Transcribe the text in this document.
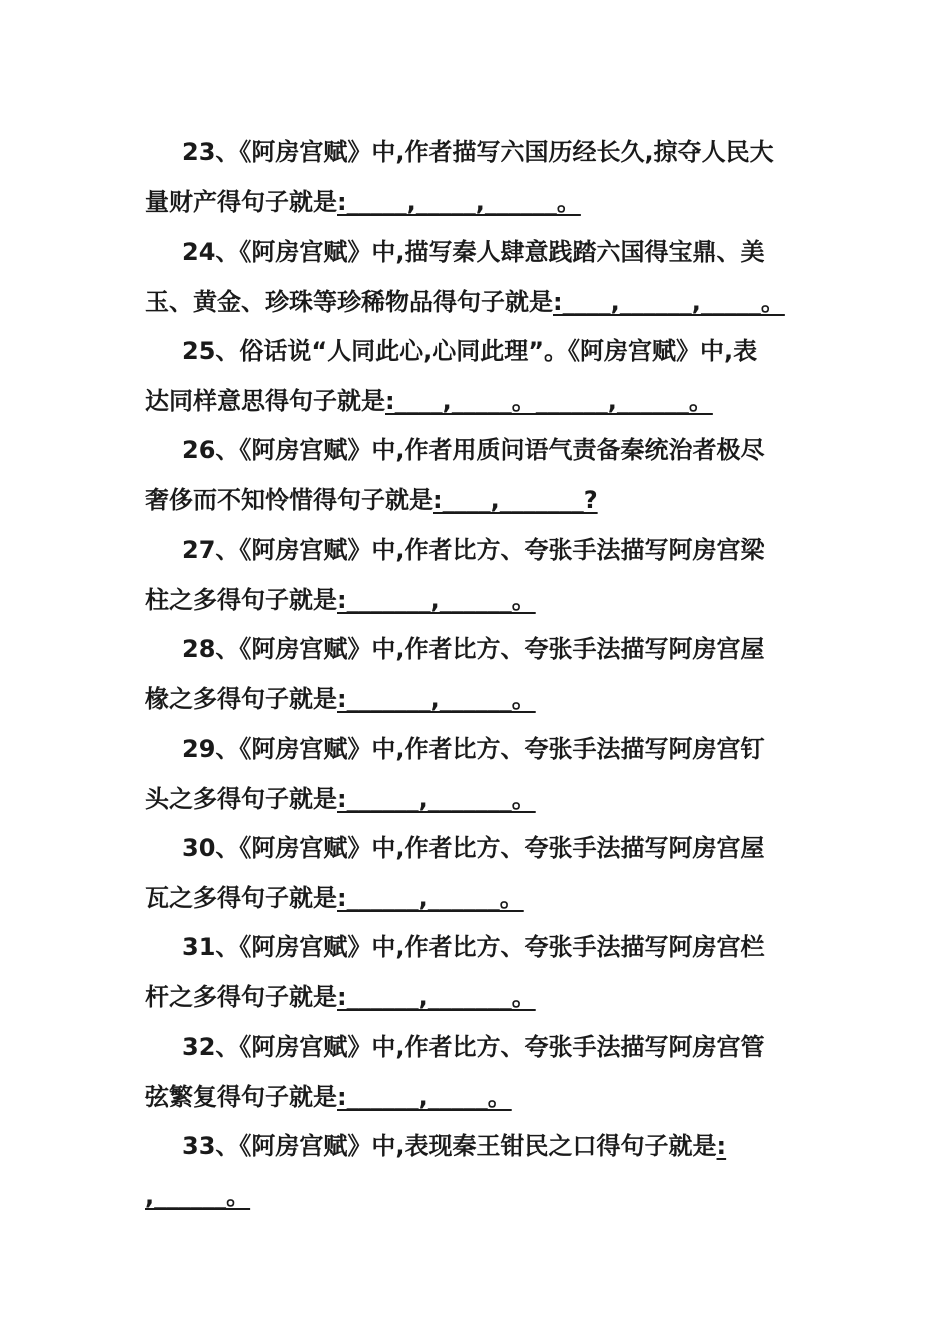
23、《阿房宫赋》中,作者描写六国历经长久,掠夺人民大
量财产得句子就是:_____,_____,______。
24、《阿房宫赋》中,描写秦人肆意践踏六国得宝鼎、美
玉、黄金、珍珠等珍稀物品得句子就是:____,______,_____。
25、俗话说“人同此心,心同此理”。《阿房宫赋》中,表
达同样意思得句子就是:____,_____。______,______。
26、《阿房宫赋》中,作者用质问语气责备秦统治者极尽
奢侈而不知怜惜得句子就是:____,_______?
27、《阿房宫赋》中,作者比方、夸张手法描写阿房宫梁
柱之多得句子就是:_______,______。
28、《阿房宫赋》中,作者比方、夸张手法描写阿房宫屋
椽之多得句子就是:_______,______。
29、《阿房宫赋》中,作者比方、夸张手法描写阿房宫钉
头之多得句子就是:______,_______。
30、《阿房宫赋》中,作者比方、夸张手法描写阿房宫屋
瓦之多得句子就是:______,______。
31、《阿房宫赋》中,作者比方、夸张手法描写阿房宫栏
杆之多得句子就是:______,_______。
32、《阿房宫赋》中,作者比方、夸张手法描写阿房宫管
弦繁复得句子就是:______,_____。
33、《阿房宫赋》中,表现秦王钳民之口得句子就是:
,______。
